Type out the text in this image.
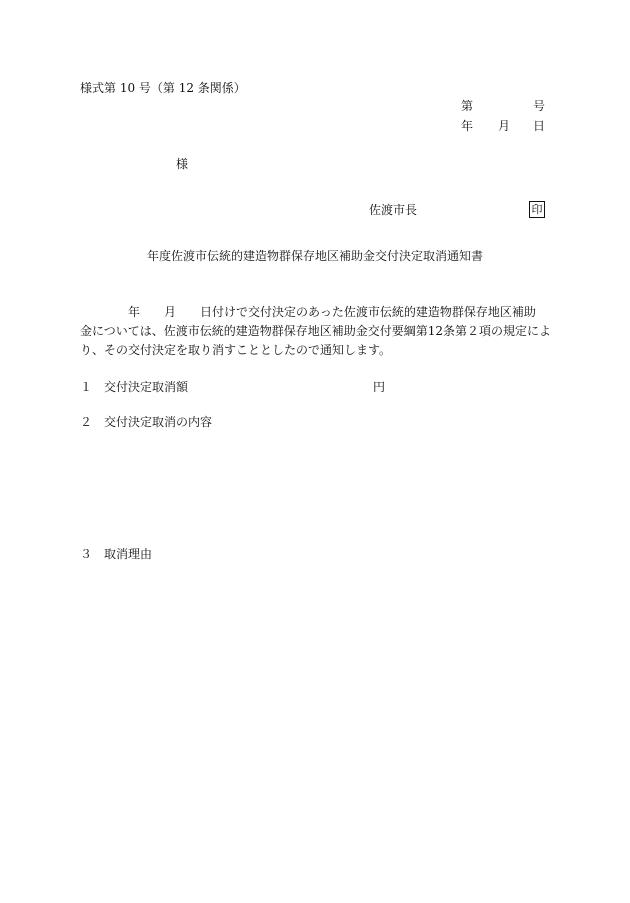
様式第 10 号（第 12 条関係）
第	号
年 月 日
様
佐渡市長	印
年度佐渡市伝統的建造物群保存地区補助金交付決定取消通知書
　　　　年　　月　　日付けで交付決定のあった佐渡市伝統的建造物群保存地区補助
金については、佐渡市伝統的建造物群保存地区補助金交付要綱第12条第２項の規定によ
り、その交付決定を取り消すこととしたので通知します。
１ 交付決定取消額	円
２ 交付決定取消の内容
３ 取消理由
